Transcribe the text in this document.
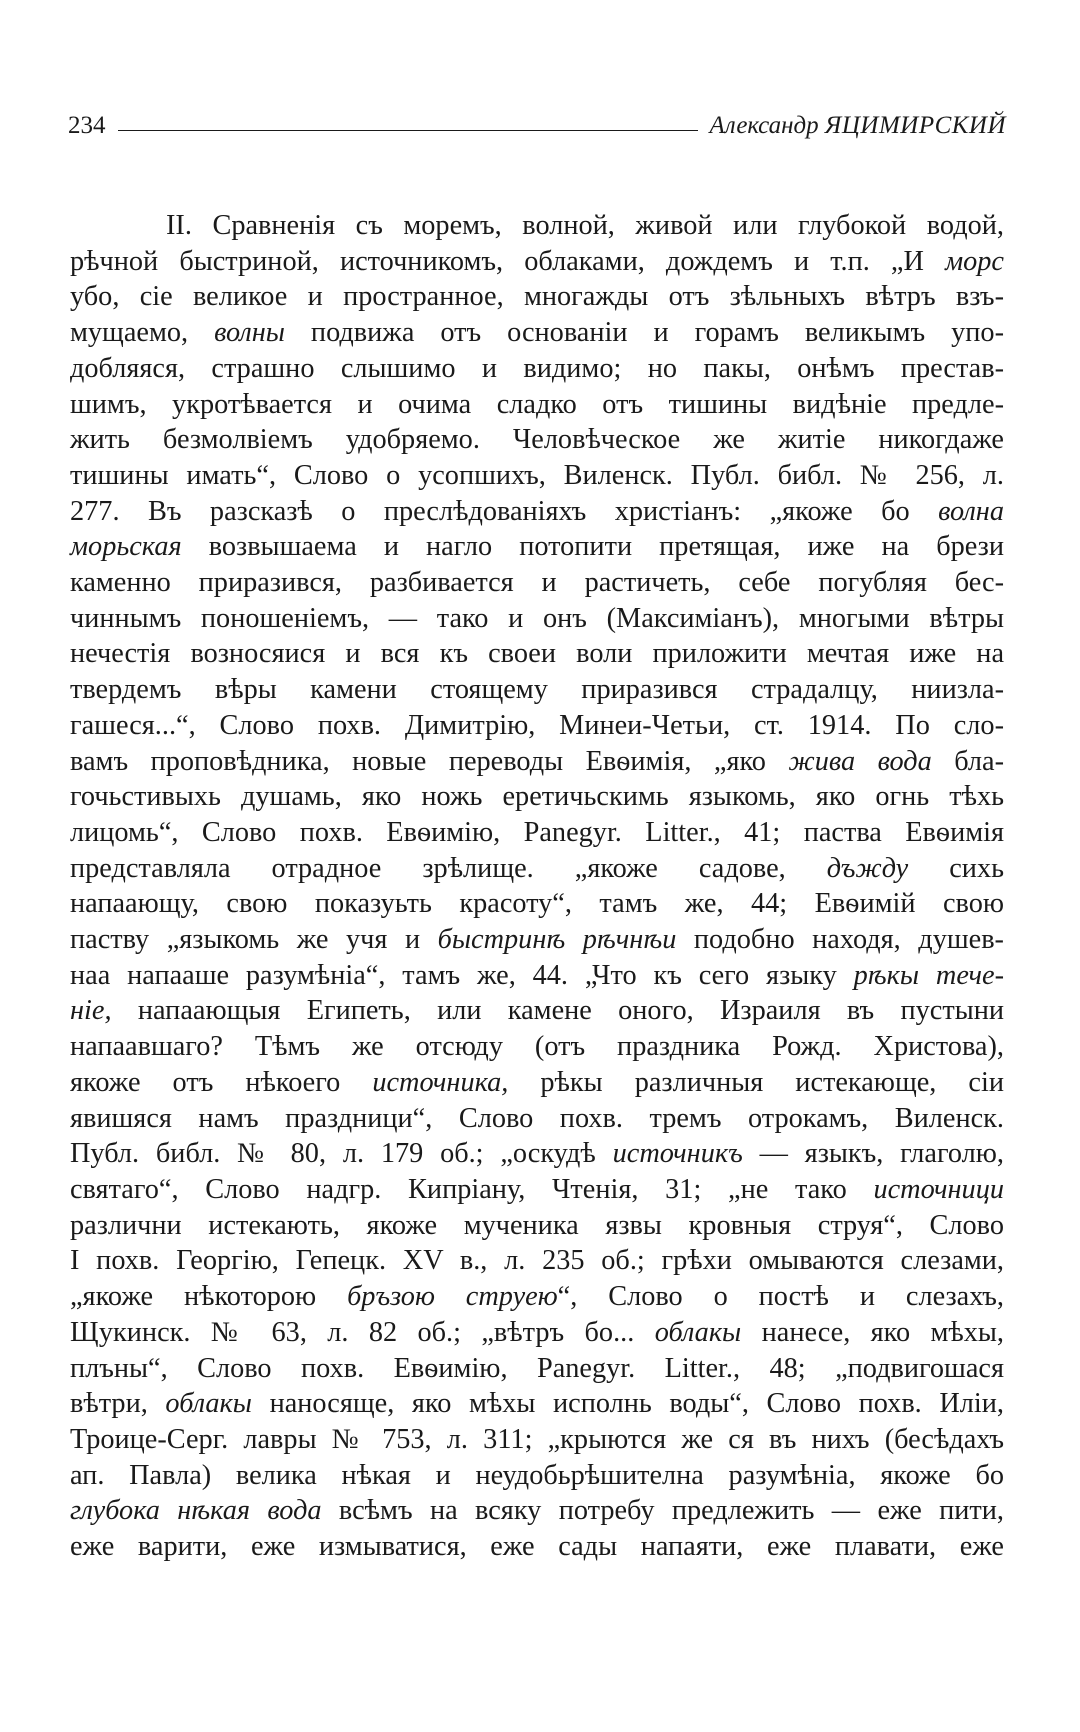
234	Александр ЯЦИМИРСКИЙ
II. Сравненія съ моремъ, волной, живой или глубокой водой,
рѣчной быстриной, источникомъ, облаками, дождемъ и т.п. „И морс
убо, сіе великое и пространное, многажды отъ зѣльныхъ вѣтръ взъ-
мущаемо, волны подвижа отъ основаніи и горамъ великымъ упо-
добляяся, страшно слышимо и видимо; но пакы, онѣмъ престав-
шимъ, укротѣвается и очима сладко отъ тишины видѣніе предле-
жить безмолвіемъ удобряемо. Человѣческое же житіе никогдаже
тишины имать“, Слово о усопшихъ, Виленск. Публ. библ. № 256, л.
277. Въ разсказѣ о преслѣдованіяхъ христіанъ: „якоже бо волна
морьская возвышаема и нагло потопити претящая, иже на брези
каменно приразився, разбивается и растичеть, себе погубляя бес-
чиннымъ поношеніемъ, — тако и онъ (Максиміанъ), многыми вѣтры
нечестія возносяися и вся къ своеи воли приложити мечтая иже на
твердемъ вѣры камени стоящему приразився страдалцу, ниизла-
гашеся...“, Слово похв. Димитрію, Минеи-Четьи, ст. 1914. По сло-
вамъ проповѣдника, новые переводы Евѳимія, „яко жива вода бла-
гочьстивыхь душамь, яко ножь еретичьскимь языкомь, яко огнь тѣхь
лицомь“, Слово похв. Евѳимію, Panegyr. Litter., 41; паства Евѳимія
представляла отрадное зрѣлище. „якоже садове, дъжду сихь
напаающу, свою показуьть красоту“, тамъ же, 44; Евѳимій свою
паству „языкомь же учя и быстринѣ рѣчнѣи подобно находя, душев-
наа напааше разумѣніа“, тамъ же, 44. „Что къ сего языку рѣкы тече-
ніе, напаающыя Египеть, или камене оного, Израиля въ пустыни
напаавшаго? Тѣмъ же отсюду (отъ праздника Рожд. Христова),
якоже отъ нѣкоего источника, рѣкы различныя истекающе, сіи
явишяся намъ праздници“, Слово похв. тремъ отрокамъ, Виленск.
Публ. библ. № 80, л. 179 об.; „оскудѣ источникъ — языкъ, глаголю,
святаго“, Слово надгр. Кипріану, Чтенія, 31; „не тако источници
различни истекають, якоже мученика язвы кровныя струя“, Слово
I похв. Георгію, Гепецк. XV в., л. 235 об.; грѣхи омываются слезами,
„якоже нѣкоторою бръзою струею“, Слово о постѣ и слезахъ,
Щукинск. № 63, л. 82 об.; „вѣтръ бо... облакы нанесе, яко мѣхы,
плъны“, Слово похв. Евѳимію, Panegyr. Litter., 48; „подвигошася
вѣтри, облакы наносяще, яко мѣхы исполнь воды“, Слово похв. Иліи,
Троице-Серг. лавры № 753, л. 311; „крыются же ся въ нихъ (бесѣдахъ
ап. Павла) велика нѣкая и неудобьрѣшителна разумѣніа, якоже бо
глубока нѣкая вода всѣмъ на всяку потребу предлежить — еже пити,
еже варити, еже измыватися, еже сады напаяти, еже плавати, еже
